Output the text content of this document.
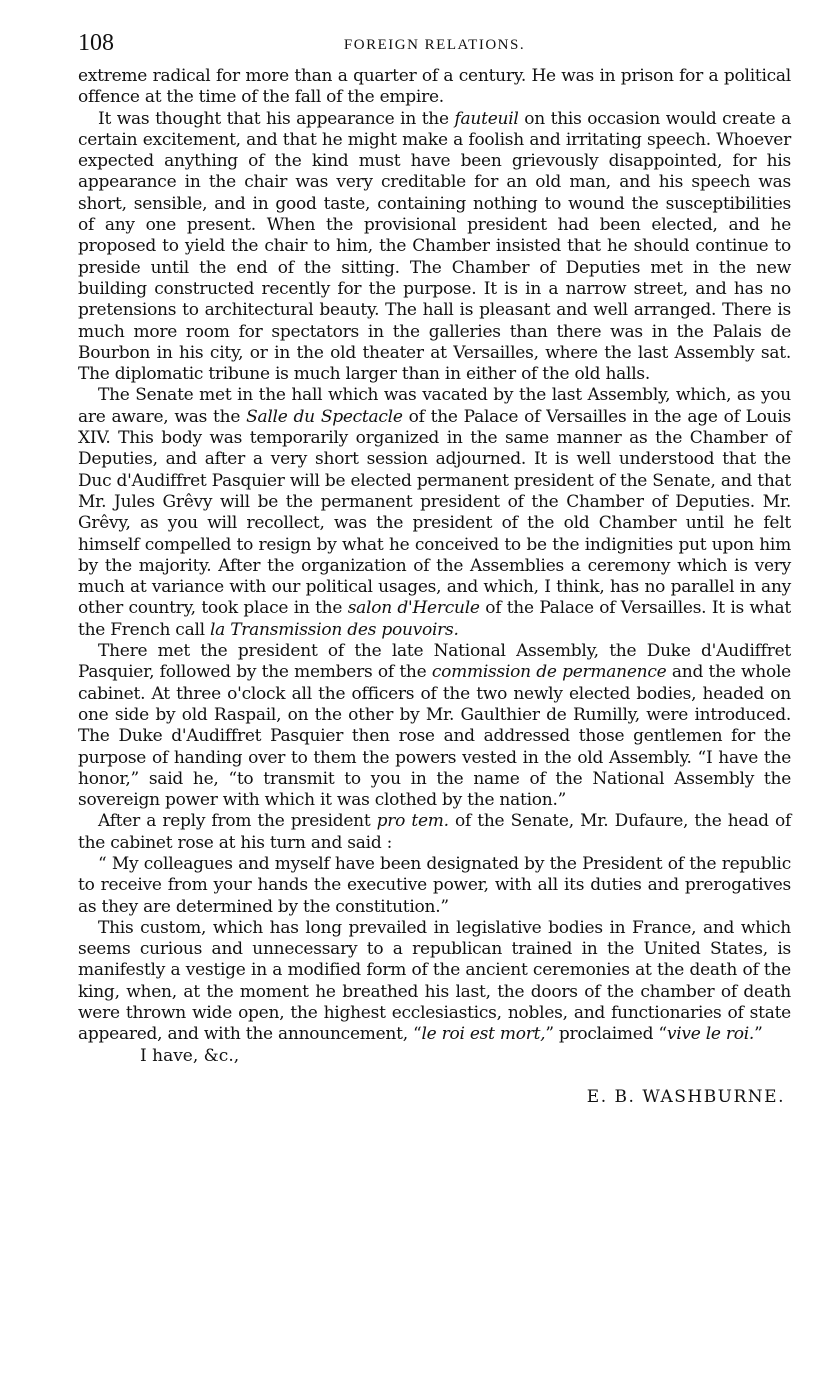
108	FOREIGN RELATIONS.

extreme radical for more than a quarter of a century. He was in prison for a political offence at the time of the fall of the empire.

It was thought that his appearance in the fauteuil on this occasion would create a certain excitement, and that he might make a foolish and irritating speech. Whoever expected anything of the kind must have been grievously disappointed, for his appearance in the chair was very creditable for an old man, and his speech was short, sensible, and in good taste, containing nothing to wound the susceptibilities of any one present. When the provisional president had been elected, and he proposed to yield the chair to him, the Chamber insisted that he should continue to preside until the end of the sitting. The Chamber of Deputies met in the new building constructed recently for the purpose. It is in a narrow street, and has no pretensions to architectural beauty. The hall is pleasant and well arranged. There is much more room for spectators in the galleries than there was in the Palais de Bourbon in his city, or in the old theater at Versailles, where the last Assembly sat. The diplomatic tribune is much larger than in either of the old halls.

The Senate met in the hall which was vacated by the last Assembly, which, as you are aware, was the Salle du Spectacle of the Palace of Versailles in the age of Louis XIV. This body was temporarily organized in the same manner as the Chamber of Deputies, and after a very short session adjourned. It is well understood that the Duc d'Audiffret Pasquier will be elected permanent president of the Senate, and that Mr. Jules Grêvy will be the permanent president of the Chamber of Deputies. Mr. Grêvy, as you will recollect, was the president of the old Chamber until he felt himself compelled to resign by what he conceived to be the indignities put upon him by the majority. After the organization of the Assemblies a ceremony which is very much at variance with our political usages, and which, I think, has no parallel in any other country, took place in the salon d'Hercule of the Palace of Versailles. It is what the French call la Transmission des pouvoirs.

There met the president of the late National Assembly, the Duke d'Audiffret Pasquier, followed by the members of the commission de permanence and the whole cabinet. At three o'clock all the officers of the two newly elected bodies, headed on one side by old Raspail, on the other by Mr. Gaulthier de Rumilly, were introduced. The Duke d'Audiffret Pasquier then rose and addressed those gentlemen for the purpose of handing over to them the powers vested in the old Assembly. “I have the honor,” said he, “to transmit to you in the name of the National Assembly the sovereign power with which it was clothed by the nation.”

After a reply from the president pro tem. of the Senate, Mr. Dufaure, the head of the cabinet rose at his turn and said :

“ My colleagues and myself have been designated by the President of the republic to receive from your hands the executive power, with all its duties and prerogatives as they are determined by the constitution.”

This custom, which has long prevailed in legislative bodies in France, and which seems curious and unnecessary to a republican trained in the United States, is manifestly a vestige in a modified form of the ancient ceremonies at the death of the king, when, at the moment he breathed his last, the doors of the chamber of death were thrown wide open, the highest ecclesiastics, nobles, and functionaries of state appeared, and with the announcement, “le roi est mort,” proclaimed “vive le roi.”

I have, &c.,
E. B. WASHBURNE.
